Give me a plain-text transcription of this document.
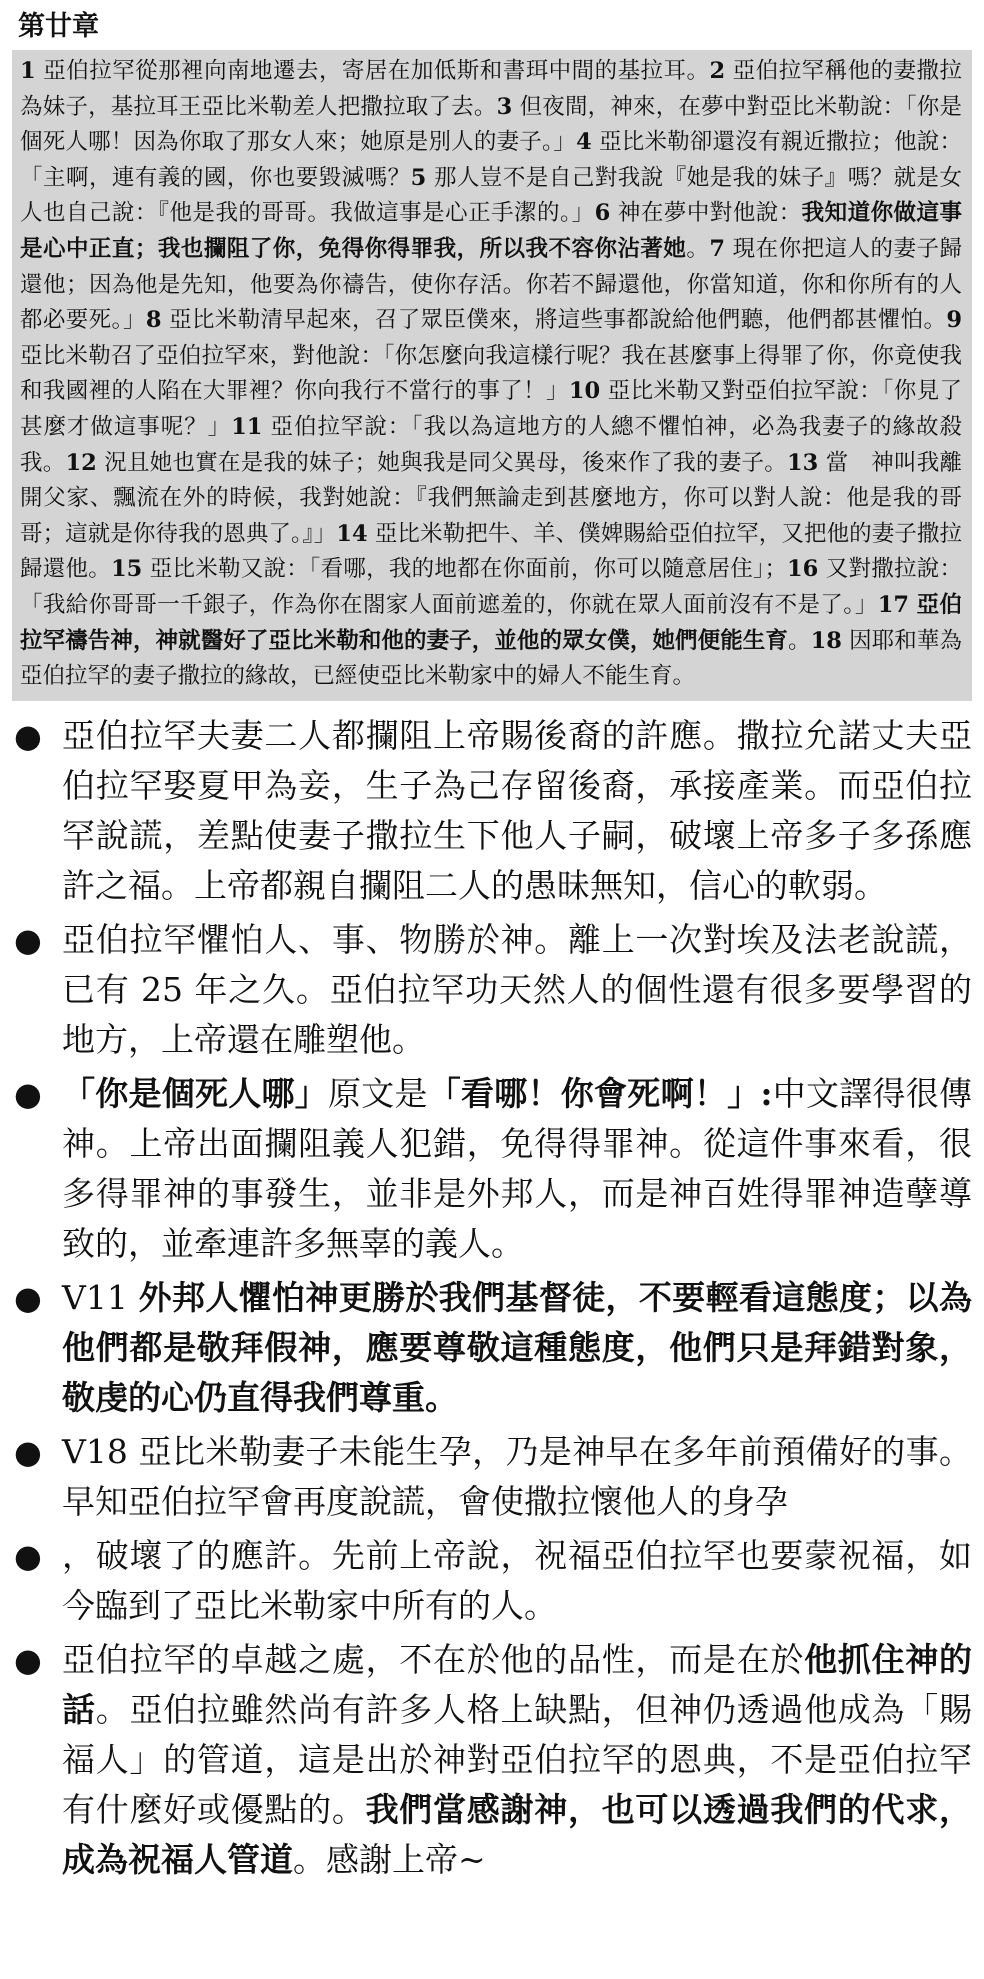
第廿章
1 亞伯拉罕從那裡向南地遷去，寄居在加低斯和書珥中間的基拉耳。2 亞伯拉罕稱他的妻撒拉為妹子，基拉耳王亞比米勒差人把撒拉取了去。3 但夜間，神來，在夢中對亞比米勒說：「你是個死人哪！因為你取了那女人來；她原是別人的妻子。」4 亞比米勒卻還沒有親近撒拉；他說：「主啊，連有義的國，你也要毀滅嗎？5 那人豈不是自己對我說『她是我的妹子』嗎？就是女人也自己說：『他是我的哥哥。我做這事是心正手潔的。」6 神在夢中對他說：我知道你做這事是心中正直；我也攔阻了你，免得你得罪我，所以我不容你沾著她。7 現在你把這人的妻子歸還他；因為他是先知，他要為你禱告，使你存活。你若不歸還他，你當知道，你和你所有的人都必要死。」8 亞比米勒清早起來，召了眾臣僕來，將這些事都說給他們聽，他們都甚懼怕。9 亞比米勒召了亞伯拉罕來，對他說：「你怎麼向我這樣行呢？我在甚麼事上得罪了你，你竟使我和我國裡的人陷在大罪裡？你向我行不當行的事了！」10 亞比米勒又對亞伯拉罕說：「你見了甚麼才做這事呢？」11 亞伯拉罕說：「我以為這地方的人總不懼怕神，必為我妻子的緣故殺我。12 況且她也實在是我的妹子；她與我是同父異母，後來作了我的妻子。13 當　神叫我離開父家、飄流在外的時候，我對她說：『我們無論走到甚麼地方，你可以對人說：他是我的哥哥；這就是你待我的恩典了。』」14 亞比米勒把牛、羊、僕婢賜給亞伯拉罕，又把他的妻子撒拉歸還他。15 亞比米勒又說：「看哪，我的地都在你面前，你可以隨意居住」；16 又對撒拉說：「我給你哥哥一千銀子，作為你在閤家人面前遮羞的，你就在眾人面前沒有不是了。」17 亞伯拉罕禱告神，神就醫好了亞比米勒和他的妻子，並他的眾女僕，她們便能生育。18 因耶和華為亞伯拉罕的妻子撒拉的緣故，已經使亞比米勒家中的婦人不能生育。
● 亞伯拉罕夫妻二人都攔阻上帝賜後裔的許應。撒拉允諾丈夫亞伯拉罕娶夏甲為妾，生子為己存留後裔，承接產業。而亞伯拉罕說謊，差點使妻子撒拉生下他人子嗣，破壞上帝多子多孫應許之福。上帝都親自攔阻二人的愚昧無知，信心的軟弱。
● 亞伯拉罕懼怕人、事、物勝於神。離上一次對埃及法老說謊，已有 25 年之久。亞伯拉罕功天然人的個性還有很多要學習的地方，上帝還在雕塑他。
● 「你是個死人哪」原文是「看哪！你會死啊！」:中文譯得很傳神。上帝出面攔阻義人犯錯，免得得罪神。從這件事來看，很多得罪神的事發生，並非是外邦人，而是神百姓得罪神造孽導致的，並牽連許多無辜的義人。
● V11 外邦人懼怕神更勝於我們基督徒，不要輕看這態度；以為他們都是敬拜假神，應要尊敬這種態度，他們只是拜錯對象，敬虔的心仍直得我們尊重。
● V18 亞比米勒妻子未能生孕，乃是神早在多年前預備好的事。早知亞伯拉罕會再度說謊，會使撒拉懷他人的身孕
● ，破壞了的應許。先前上帝說，祝福亞伯拉罕也要蒙祝福，如今臨到了亞比米勒家中所有的人。
● 亞伯拉罕的卓越之處，不在於他的品性，而是在於他抓住神的話。亞伯拉雖然尚有許多人格上缺點，但神仍透過他成為「賜福人」的管道，這是出於神對亞伯拉罕的恩典，不是亞伯拉罕有什麼好或優點的。我們當感謝神，也可以透過我們的代求，成為祝福人管道。感謝上帝~
